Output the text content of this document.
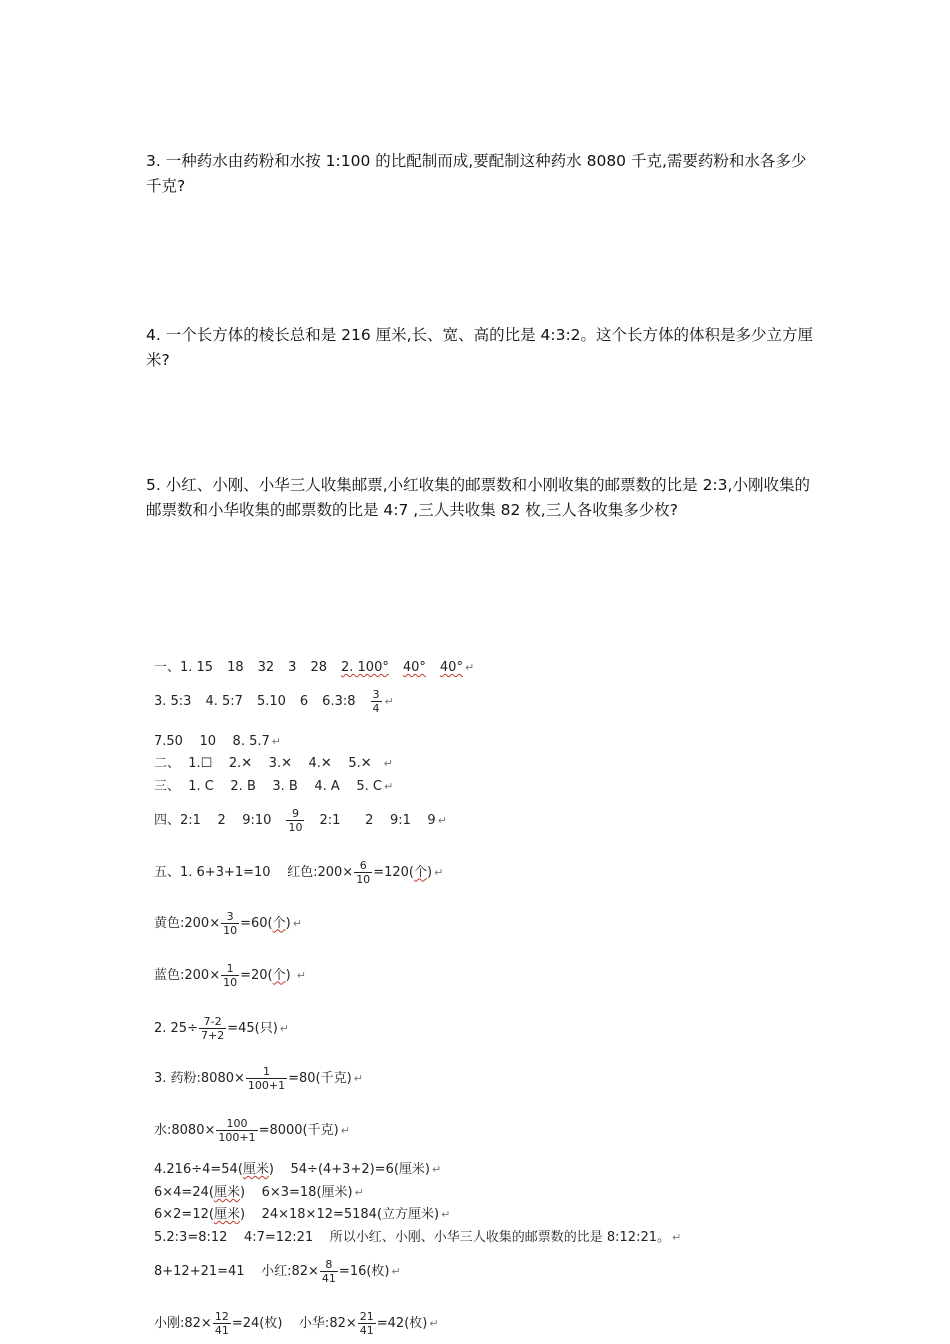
3. 一种药水由药粉和水按 1:100 的比配制而成,要配制这种药水 8080 千克,需要药粉和水各多少千克?

4. 一个长方体的棱长总和是 216 厘米,长、宽、高的比是 4:3:2。这个长方体的体积是多少立方厘米?

5. 小红、小刚、小华三人收集邮票,小红收集的邮票数和小刚收集的邮票数的比是 2:3,小刚收集的邮票数和小华收集的邮票数的比是 4:7 ,三人共收集 82 枚,三人各收集多少枚?

一、1. 15 18 32 3 28 2. 100° 40° 40° ↵
3. 5:3 4. 5:7 5.10 6 6.3:8 $\frac{3}{4}$ ↵
7.50    10    8. 5.7 ↵
二、  1.☐    2.✕    3.✕    4.✕    5.✕ ↵
三、  1. C    2. B    3. B    4. A    5. C ↵
四、2:1    2    9:10 $\frac{9}{10}$ 2:1      2    9:1    9 ↵
五、1. 6+3+1=10    红色:200× $\frac{6}{10} =120$( 个 ) ↵
黄色:200× $\frac{3}{10} =60$( 个 ) ↵
蓝色:200× $\frac{1}{10} =20$( 个 ) ↵
2. $25\div \frac{7-2}{7+2} =45$(只) ↵
3. 药粉:8080× $\frac{1}{100+1} =80$(千克) ↵
水:8080× $\frac{100}{100+1} =8000$(千克) ↵
4.216÷4=54( 厘米 )    54÷(4+3+2)=6(厘米) ↵
6×4=24( 厘米 )    6×3=18(厘米) ↵
6×2=12( 厘米 )    24×18×12=5184(立方厘米) ↵
5.2:3=8:12    4:7=12:21    所以小红、小刚、小华三人收集的邮票数的比是 8:12:21。 ↵
8+12+21=41    小红:82× $\frac{8}{41} =16$(枚) ↵
小刚:82× $\frac{12}{41} =24$(枚)    小华:82× $\frac{21}{41} =42$(枚) ↵
